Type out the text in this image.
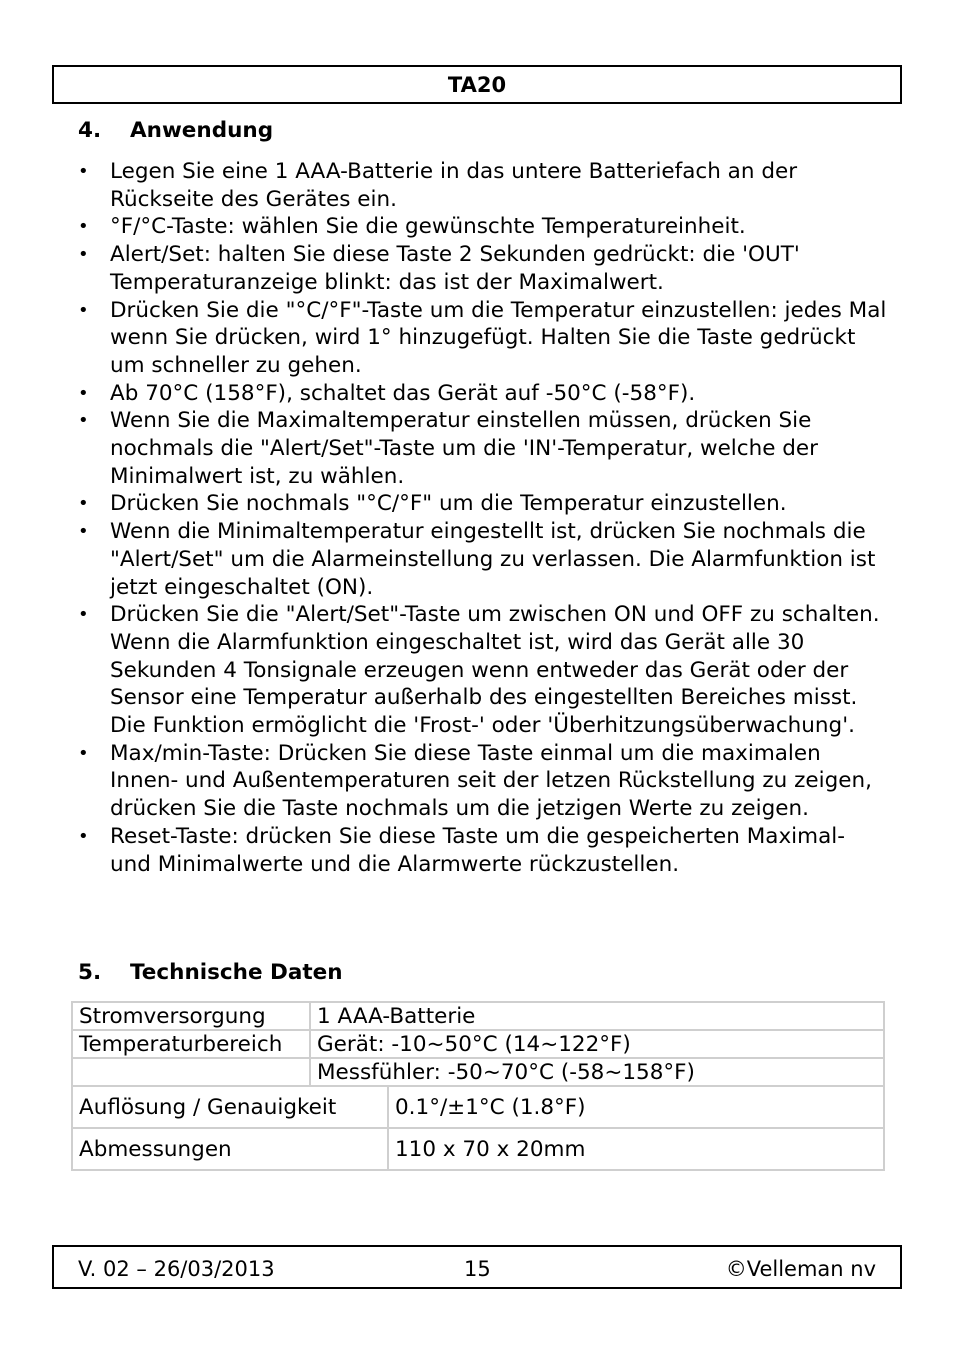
TA20
4.	Anwendung
• Legen Sie eine 1 AAA-Batterie in das untere Batteriefach an der Rückseite des Gerätes ein.
• °F/°C-Taste: wählen Sie die gewünschte Temperatureinheit.
• Alert/Set: halten Sie diese Taste 2 Sekunden gedrückt: die 'OUT' Temperaturanzeige blinkt: das ist der Maximalwert.
• Drücken Sie die "°C/°F"-Taste um die Temperatur einzustellen: jedes Mal wenn Sie drücken, wird 1° hinzugefügt. Halten Sie die Taste gedrückt um schneller zu gehen.
• Ab 70°C (158°F), schaltet das Gerät auf -50°C (-58°F).
• Wenn Sie die Maximaltemperatur einstellen müssen, drücken Sie nochmals die "Alert/Set"-Taste um die 'IN'-Temperatur, welche der Minimalwert ist, zu wählen.
• Drücken Sie nochmals "°C/°F" um die Temperatur einzustellen.
• Wenn die Minimaltemperatur eingestellt ist, drücken Sie nochmals die "Alert/Set" um die Alarmeinstellung zu verlassen. Die Alarmfunktion ist jetzt eingeschaltet (ON).
• Drücken Sie die "Alert/Set"-Taste um zwischen ON und OFF zu schalten. Wenn die Alarmfunktion eingeschaltet ist, wird das Gerät alle 30 Sekunden 4 Tonsignale erzeugen wenn entweder das Gerät oder der Sensor eine Temperatur außerhalb des eingestellten Bereiches misst. Die Funktion ermöglicht die 'Frost-' oder 'Überhitzungsüberwachung'.
• Max/min-Taste: Drücken Sie diese Taste einmal um die maximalen Innen- und Außentemperaturen seit der letzen Rückstellung zu zeigen, drücken Sie die Taste nochmals um die jetzigen Werte zu zeigen.
• Reset-Taste: drücken Sie diese Taste um die gespeicherten Maximal- und Minimalwerte und die Alarmwerte rückzustellen.
5.	Technische Daten
Stromversorgung	1 AAA-Batterie	
Temperaturbereich	Gerät: -10~50°C (14~122°F)	
	Messfühler: -50~70°C (-58~158°F)	
Auflösung / Genauigkeit		0.1°/±1°C (1.8°F)
Abmessungen		110 x 70 x 20mm
V. 02 – 26/03/2013	15	©Velleman nv
